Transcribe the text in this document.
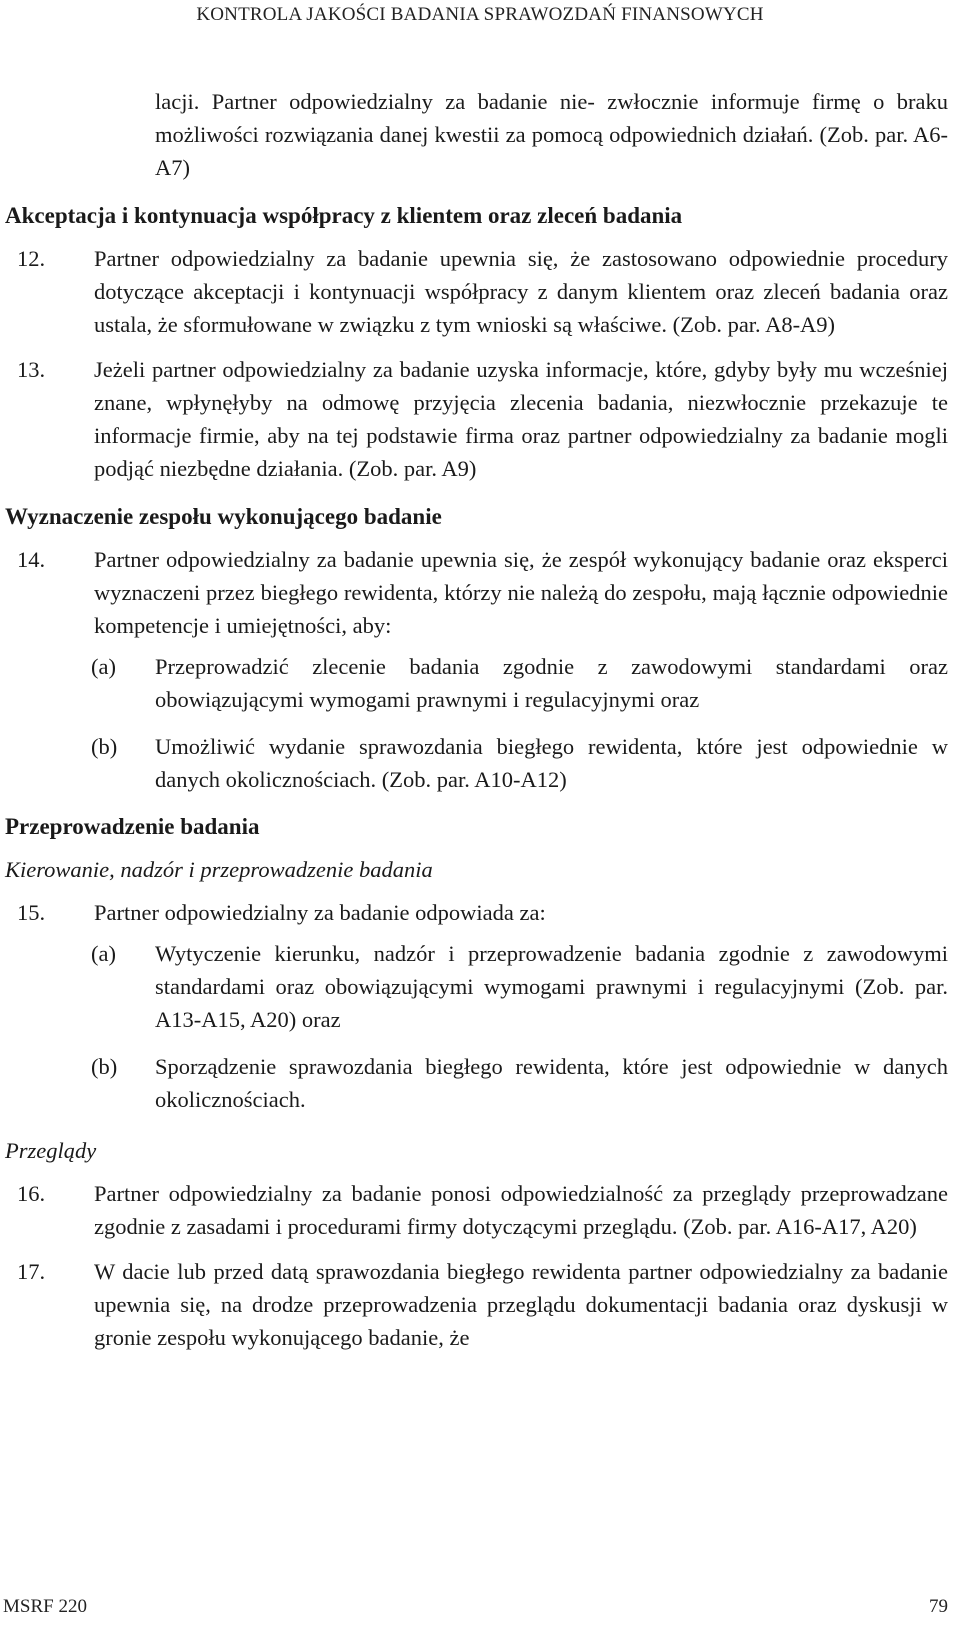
KONTROLA JAKOŚCI BADANIA SPRAWOZDAŃ FINANSOWYCH

lacji. Partner odpowiedzialny za badanie nie- zwłocznie informuje firmę o braku możliwości rozwiązania danej kwestii za pomocą odpowiednich działań. (Zob. par. A6-A7)

Akceptacja i kontynuacja współpracy z klientem oraz zleceń badania
12. Partner odpowiedzialny za badanie upewnia się, że zastosowano odpowiednie procedury dotyczące akceptacji i kontynuacji współpracy z danym klientem oraz zleceń badania oraz ustala, że sformułowane w związku z tym wnioski są właściwe. (Zob. par. A8-A9)
13. Jeżeli partner odpowiedzialny za badanie uzyska informacje, które, gdyby były mu wcześniej znane, wpłynęłyby na odmowę przyjęcia zlecenia badania, niezwłocznie przekazuje te informacje firmie, aby na tej podstawie firma oraz partner odpowiedzialny za badanie mogli podjąć niezbędne działania. (Zob. par. A9)
Wyznaczenie zespołu wykonującego badanie
14. Partner odpowiedzialny za badanie upewnia się, że zespół wykonujący badanie oraz eksperci wyznaczeni przez biegłego rewidenta, którzy nie należą do zespołu, mają łącznie odpowiednie kompetencje i umiejętności, aby:
(a) Przeprowadzić zlecenie badania zgodnie z zawodowymi standardami oraz obowiązującymi wymogami prawnymi i regulacyjnymi oraz
(b) Umożliwić wydanie sprawozdania biegłego rewidenta, które jest odpowiednie w danych okolicznościach. (Zob. par. A10-A12)
Przeprowadzenie badania
Kierowanie, nadzór i przeprowadzenie badania
15. Partner odpowiedzialny za badanie odpowiada za:
(a) Wytyczenie kierunku, nadzór i przeprowadzenie badania zgodnie z zawodowymi standardami oraz obowiązującymi wymogami prawnymi i regulacyjnymi (Zob. par. A13-A15, A20) oraz
(b) Sporządzenie sprawozdania biegłego rewidenta, które jest odpowiednie w danych okolicznościach.
Przeglądy
16. Partner odpowiedzialny za badanie ponosi odpowiedzialność za przeglądy przeprowadzane zgodnie z zasadami i procedurami firmy dotyczącymi przeglądu. (Zob. par. A16-A17, A20)
17. W dacie lub przed datą sprawozdania biegłego rewidenta partner odpowiedzialny za badanie upewnia się, na drodze przeprowadzenia przeglądu dokumentacji badania oraz dyskusji w gronie zespołu wykonującego badanie, że
MSRF 220	79
